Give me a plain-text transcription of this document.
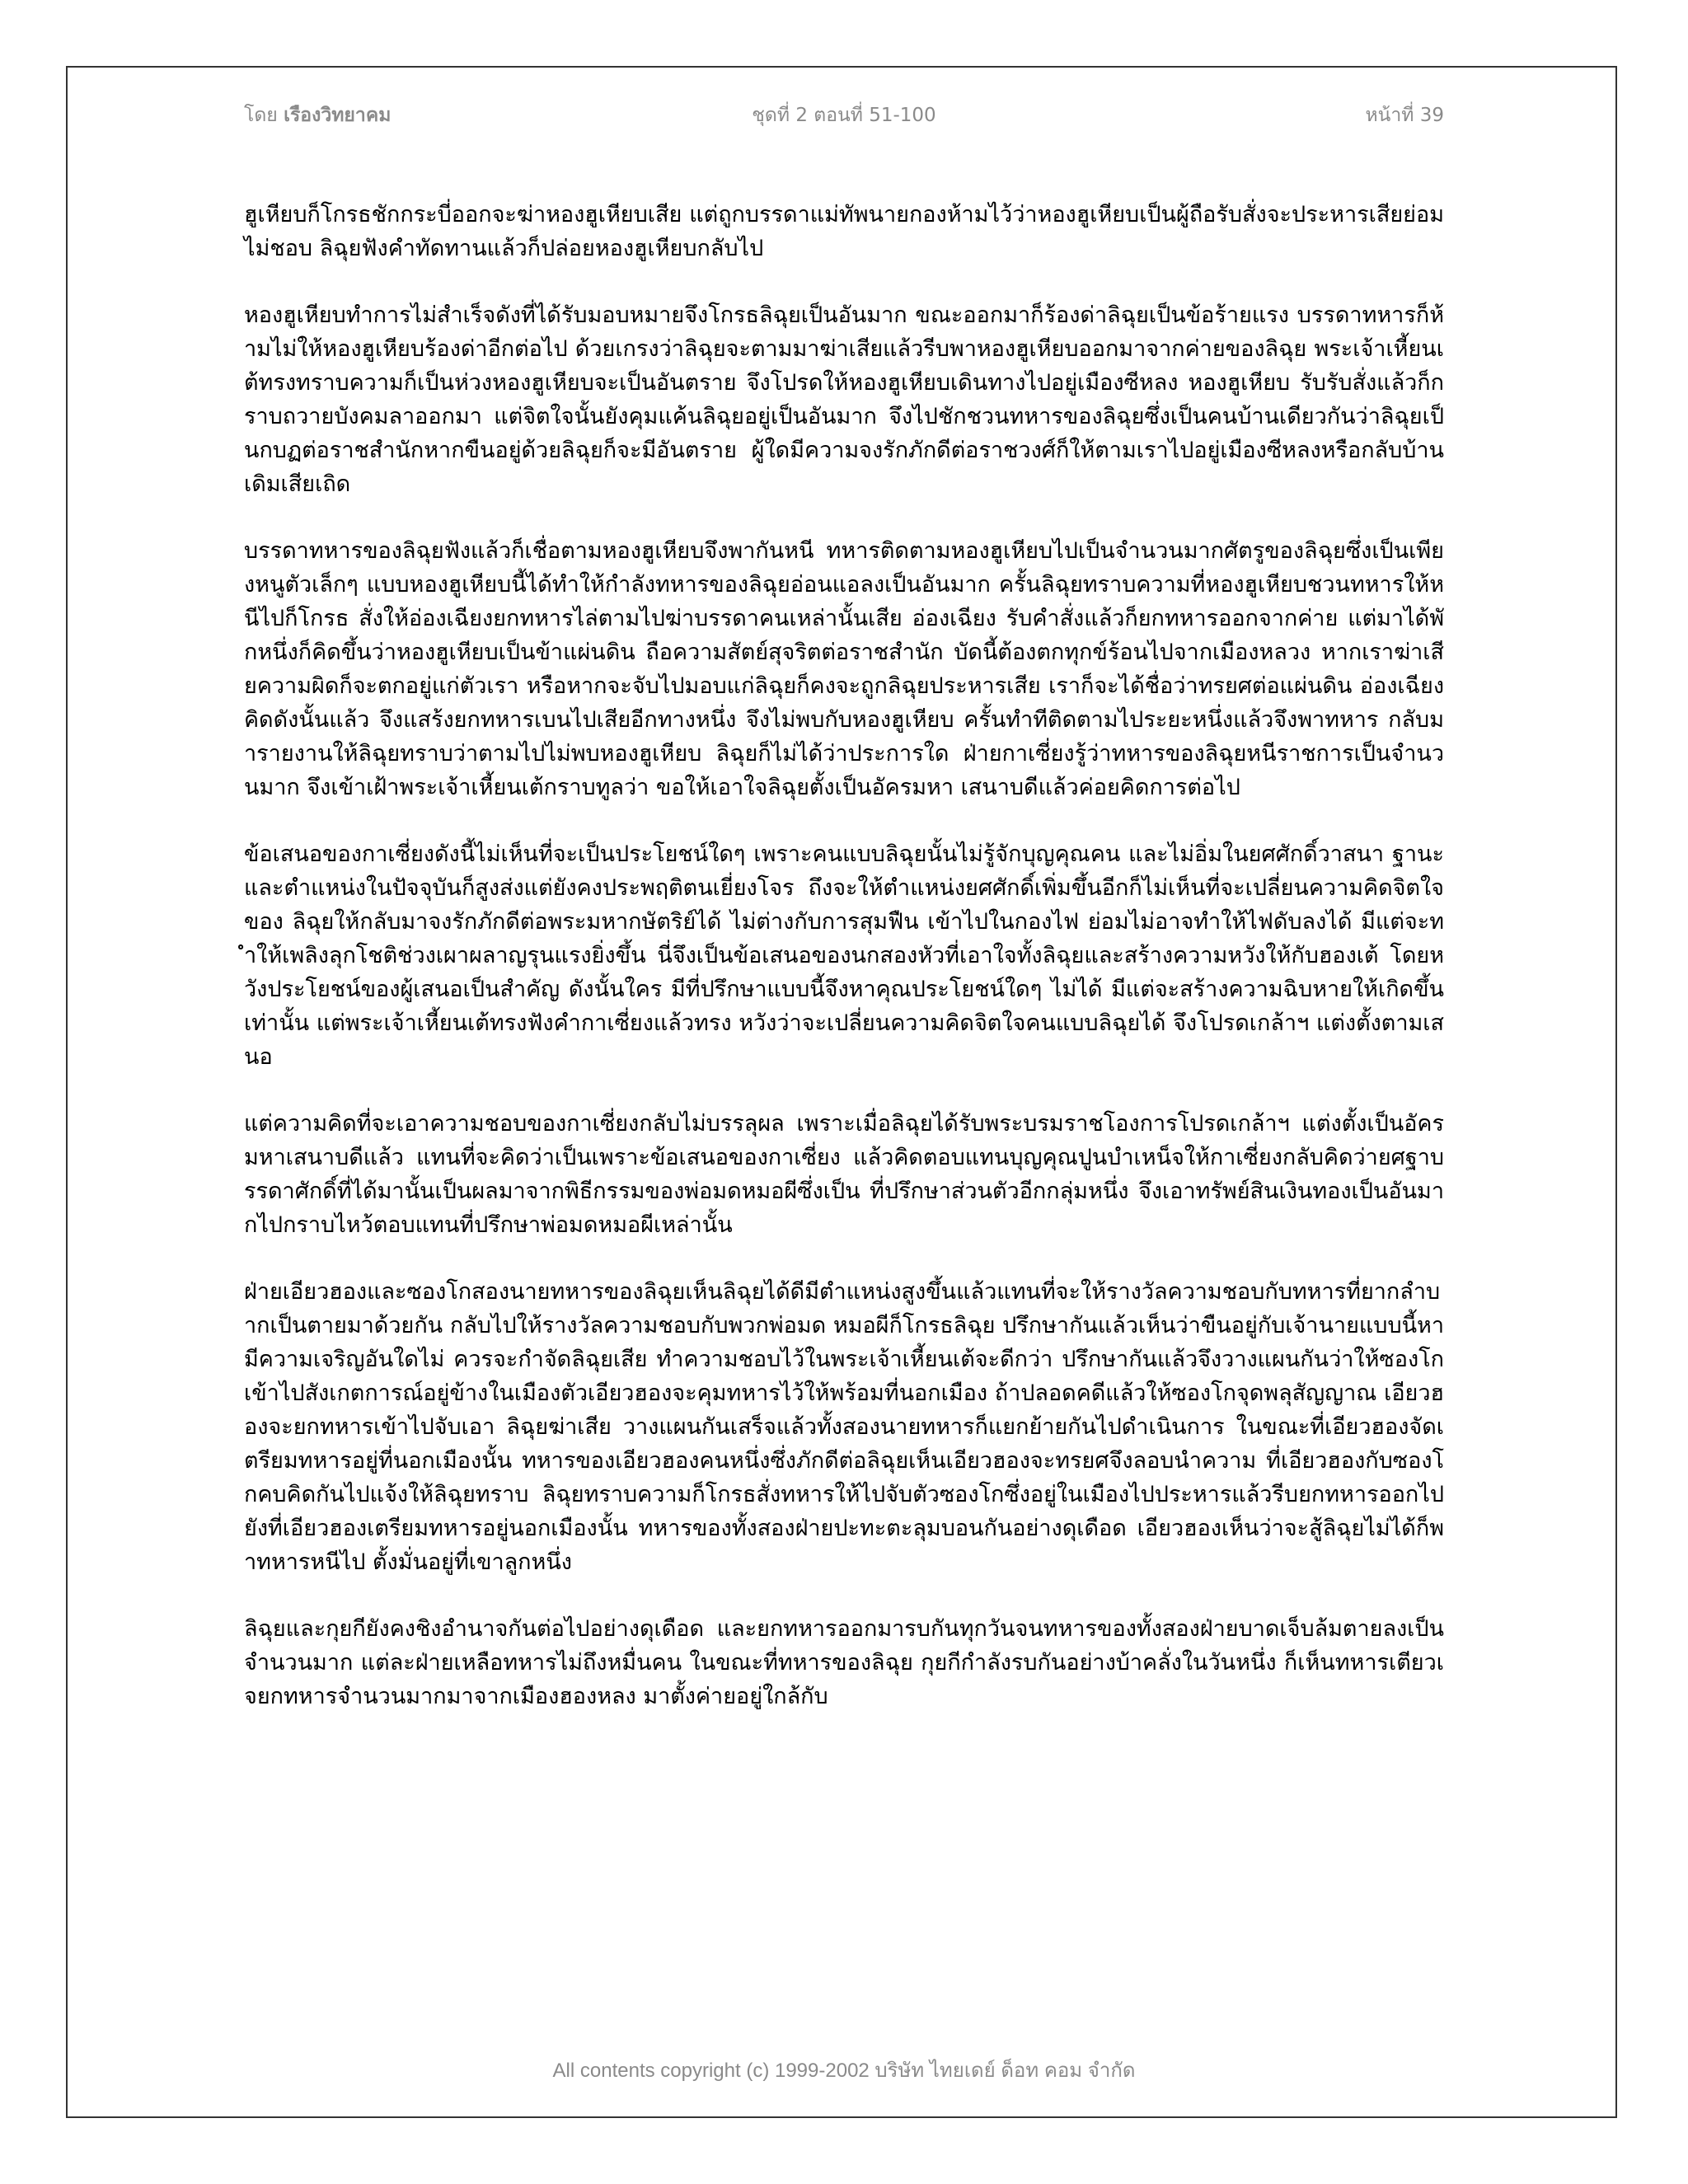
โดย เรืองวิทยาคม	ชุดที่ 2 ตอนที่ 51-100	หน้าที่ 39

ฮูเหียบก็โกรธชักกระบี่ออกจะฆ่าหองฮูเหียบเสีย แต่ถูกบรรดาแม่ทัพนายกองห้ามไว้ว่าหองฮูเหียบเป็นผู้ถือรับสั่งจะประหารเสียย่อมไม่ชอบ ลิฉุยฟังคำทัดทานแล้วก็ปล่อยหองฮูเหียบกลับไป

หองฮูเหียบทำการไม่สำเร็จดังที่ได้รับมอบหมายจึงโกรธลิฉุยเป็นอันมาก ขณะออกมาก็ร้องด่าลิฉุยเป็นข้อร้ายแรง บรรดาทหารก็ห้ามไม่ให้หองฮูเหียบร้องด่าอีกต่อไป ด้วยเกรงว่าลิฉุยจะตามมาฆ่าเสียแล้วรีบพาหองฮูเหียบออกมาจากค่ายของลิฉุย พระเจ้าเหี้ยนเต้ทรงทราบความก็เป็นห่วงหองฮูเหียบจะเป็นอันตราย จึงโปรดให้หองฮูเหียบเดินทางไปอยู่เมืองซีหลง หองฮูเหียบ รับรับสั่งแล้วก็กราบถวายบังคมลาออกมา แต่จิตใจนั้นยังคุมแค้นลิฉุยอยู่เป็นอันมาก จึงไปชักชวนทหารของลิฉุยซึ่งเป็นคนบ้านเดียวกันว่าลิฉุยเป็นกบฏต่อราชสำนักหากขืนอยู่ด้วยลิฉุยก็จะมีอันตราย ผู้ใดมีความจงรักภักดีต่อราชวงศ์ก็ให้ตามเราไปอยู่เมืองซีหลงหรือกลับบ้านเดิมเสียเถิด

บรรดาทหารของลิฉุยฟังแล้วก็เชื่อตามหองฮูเหียบจึงพากันหนี ทหารติดตามหองฮูเหียบไปเป็นจำนวนมากศัตรูของลิฉุยซึ่งเป็นเพียงหนูตัวเล็กๆ แบบหองฮูเหียบนี้ได้ทำให้กำลังทหารของลิฉุยอ่อนแอลงเป็นอันมาก ครั้นลิฉุยทราบความที่หองฮูเหียบชวนทหารให้หนีไปก็โกรธ สั่งให้อ่องเฉียงยกทหารไล่ตามไปฆ่าบรรดาคนเหล่านั้นเสีย อ่องเฉียง รับคำสั่งแล้วก็ยกทหารออกจากค่าย แต่มาได้พักหนึ่งก็คิดขึ้นว่าหองฮูเหียบเป็นข้าแผ่นดิน ถือความสัตย์สุจริตต่อราชสำนัก บัดนี้ต้องตกทุกข์ร้อนไปจากเมืองหลวง หากเราฆ่าเสียความผิดก็จะตกอยู่แก่ตัวเรา หรือหากจะจับไปมอบแก่ลิฉุยก็คงจะถูกลิฉุยประหารเสีย เราก็จะได้ชื่อว่าทรยศต่อแผ่นดิน อ่องเฉียงคิดดังนั้นแล้ว จึงแสร้งยกทหารเบนไปเสียอีกทางหนึ่ง จึงไม่พบกับหองฮูเหียบ ครั้นทำทีติดตามไประยะหนึ่งแล้วจึงพาทหาร กลับมารายงานให้ลิฉุยทราบว่าตามไปไม่พบหองฮูเหียบ ลิฉุยก็ไม่ได้ว่าประการใด ฝ่ายกาเซี่ยงรู้ว่าทหารของลิฉุยหนีราชการเป็นจำนวนมาก จึงเข้าเฝ้าพระเจ้าเหี้ยนเต้กราบทูลว่า ขอให้เอาใจลิฉุยตั้งเป็นอัครมหา เสนาบดีแล้วค่อยคิดการต่อไป

ข้อเสนอของกาเซี่ยงดังนี้ไม่เห็นที่จะเป็นประโยชน์ใดๆ เพราะคนแบบลิฉุยนั้นไม่รู้จักบุญคุณคน และไม่อิ่มในยศศักดิ์วาสนา ฐานะและตำแหน่งในปัจจุบันก็สูงส่งแต่ยังคงประพฤติตนเยี่ยงโจร ถึงจะให้ตำแหน่งยศศักดิ์เพิ่มขึ้นอีกก็ไม่เห็นที่จะเปลี่ยนความคิดจิตใจของ ลิฉุยให้กลับมาจงรักภักดีต่อพระมหากษัตริย์ได้ ไม่ต่างกับการสุมฟืน เข้าไปในกองไฟ ย่อมไม่อาจทำให้ไฟดับลงได้ มีแต่จะทำให้เพลิงลุกโชติช่วงเผาผลาญรุนแรงยิ่งขึ้น นี่จึงเป็นข้อเสนอของนกสองหัวที่เอาใจทั้งลิฉุยและสร้างความหวังให้กับฮองเต้ โดยหวังประโยชน์ของผู้เสนอเป็นสำคัญ ดังนั้นใคร มีที่ปรึกษาแบบนี้จึงหาคุณประโยชน์ใดๆ ไม่ได้ มีแต่จะสร้างความฉิบหายให้เกิดขึ้นเท่านั้น แต่พระเจ้าเหี้ยนเต้ทรงฟังคำกาเซี่ยงแล้วทรง หวังว่าจะเปลี่ยนความคิดจิตใจคนแบบลิฉุยได้ จึงโปรดเกล้าฯ แต่งตั้งตามเสนอ

แต่ความคิดที่จะเอาความชอบของกาเซี่ยงกลับไม่บรรลุผล เพราะเมื่อลิฉุยได้รับพระบรมราชโองการโปรดเกล้าฯ แต่งตั้งเป็นอัครมหาเสนาบดีแล้ว แทนที่จะคิดว่าเป็นเพราะข้อเสนอของกาเซี่ยง แล้วคิดตอบแทนบุญคุณปูนบำเหน็จให้กาเซี่ยงกลับคิดว่ายศฐาบรรดาศักดิ์ที่ได้มานั้นเป็นผลมาจากพิธีกรรมของพ่อมดหมอผีซึ่งเป็น ที่ปรึกษาส่วนตัวอีกกลุ่มหนึ่ง จึงเอาทรัพย์สินเงินทองเป็นอันมากไปกราบไหว้ตอบแทนที่ปรึกษาพ่อมดหมอผีเหล่านั้น

ฝ่ายเอียวฮองและซองโกสองนายทหารของลิฉุยเห็นลิฉุยได้ดีมีตำแหน่งสูงขึ้นแล้วแทนที่จะให้รางวัลความชอบกับทหารที่ยากลำบากเป็นตายมาด้วยกัน กลับไปให้รางวัลความชอบกับพวกพ่อมด หมอผีก็โกรธลิฉุย ปรึกษากันแล้วเห็นว่าขืนอยู่กับเจ้านายแบบนี้หามีความเจริญอันใดไม่ ควรจะกำจัดลิฉุยเสีย ทำความชอบไว้ในพระเจ้าเหี้ยนเต้จะดีกว่า ปรึกษากันแล้วจึงวางแผนกันว่าให้ซองโกเข้าไปสังเกตการณ์อยู่ข้างในเมืองตัวเอียวฮองจะคุมทหารไว้ให้พร้อมที่นอกเมือง ถ้าปลอดคดีแล้วให้ซองโกจุดพลุสัญญาณ เอียวฮองจะยกทหารเข้าไปจับเอา ลิฉุยฆ่าเสีย วางแผนกันเสร็จแล้วทั้งสองนายทหารก็แยกย้ายกันไปดำเนินการ ในขณะที่เอียวฮองจัดเตรียมทหารอยู่ที่นอกเมืองนั้น ทหารของเอียวฮองคนหนึ่งซึ่งภักดีต่อลิฉุยเห็นเอียวฮองจะทรยศจึงลอบนำความ ที่เอียวฮองกับซองโกคบคิดกันไปแจ้งให้ลิฉุยทราบ ลิฉุยทราบความก็โกรธสั่งทหารให้ไปจับตัวซองโกซึ่งอยู่ในเมืองไปประหารแล้วรีบยกทหารออกไปยังที่เอียวฮองเตรียมทหารอยู่นอกเมืองนั้น ทหารของทั้งสองฝ่ายปะทะตะลุมบอนกันอย่างดุเดือด เอียวฮองเห็นว่าจะสู้ลิฉุยไม่ได้ก็พาทหารหนีไป ตั้งมั่นอยู่ที่เขาลูกหนึ่ง

ลิฉุยและกุยกียังคงชิงอำนาจกันต่อไปอย่างดุเดือด และยกทหารออกมารบกันทุกวันจนทหารของทั้งสองฝ่ายบาดเจ็บล้มตายลงเป็นจำนวนมาก แต่ละฝ่ายเหลือทหารไม่ถึงหมื่นคน ในขณะที่ทหารของลิฉุย กุยกีกำลังรบกันอย่างบ้าคลั่งในวันหนึ่ง ก็เห็นทหารเตียวเจยกทหารจำนวนมากมาจากเมืองฮองหลง มาตั้งค่ายอยู่ใกล้กับ

All contents copyright (c) 1999-2002 บริษัท ไทยเดย์ ด็อท คอม จำกัด
